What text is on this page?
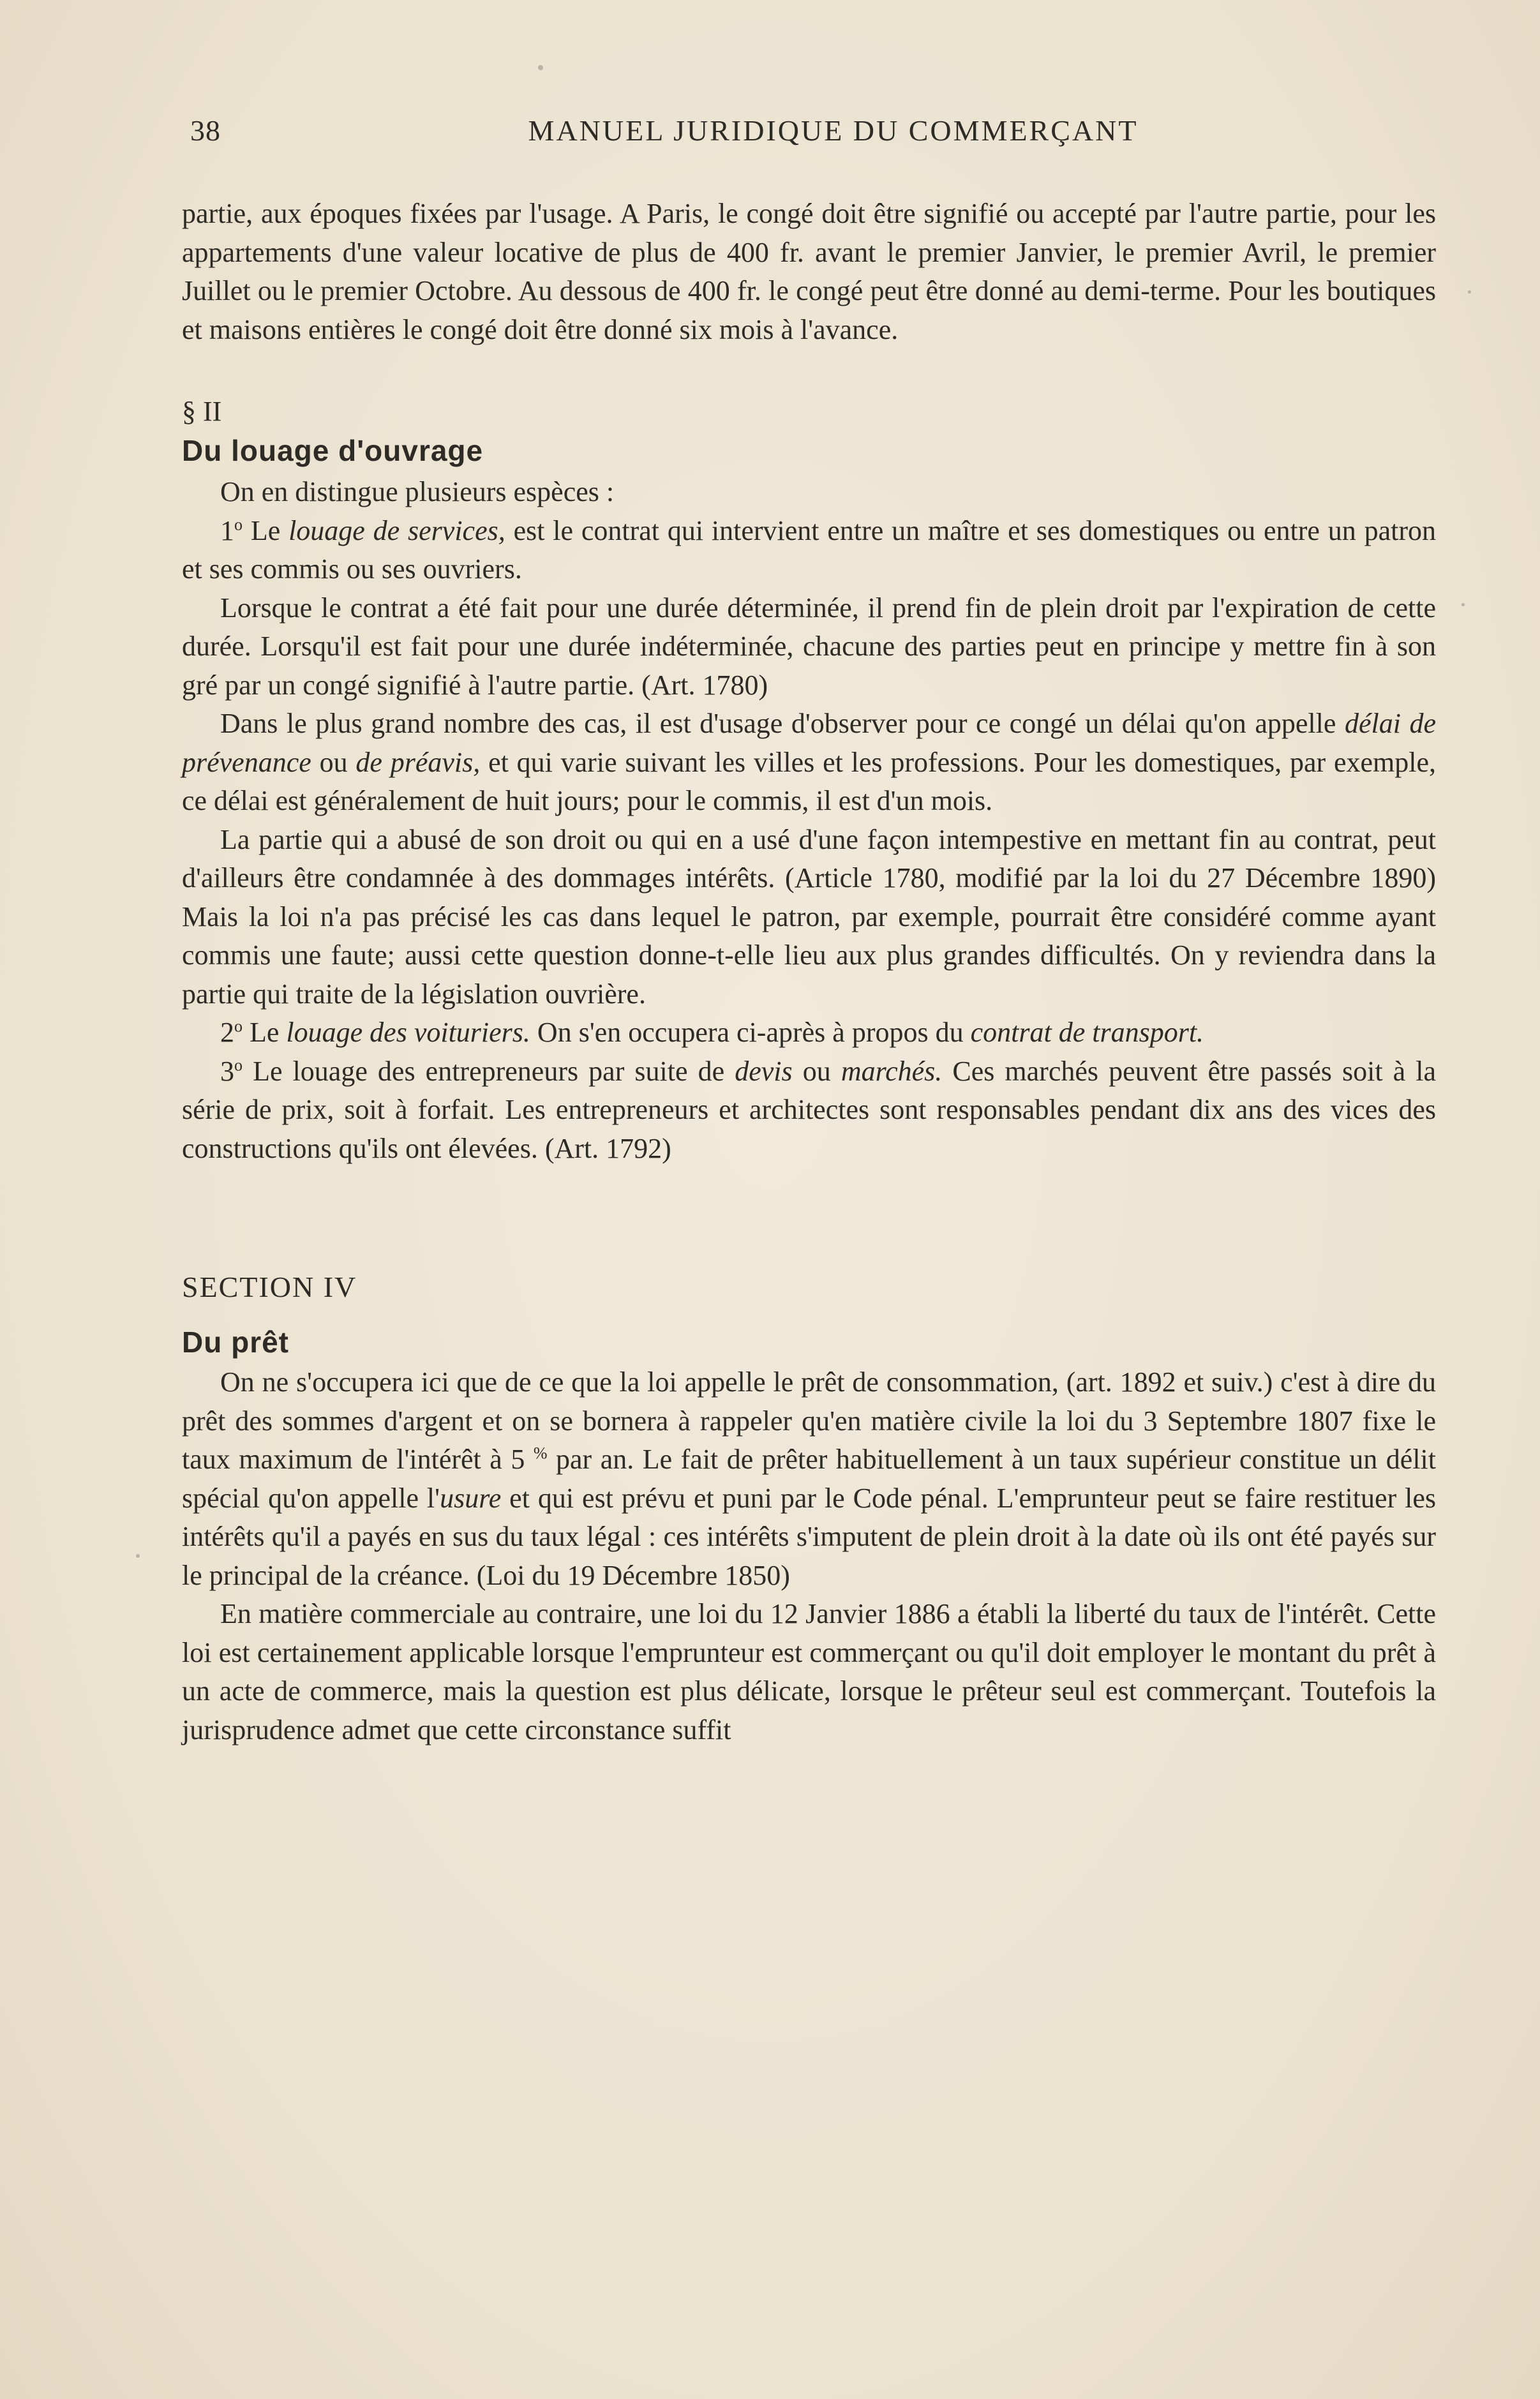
38	MANUEL JURIDIQUE DU COMMERÇANT

partie, aux époques fixées par l'usage. A Paris, le congé doit être signifié ou accepté par l'autre partie, pour les appartements d'une valeur locative de plus de 400 fr. avant le premier Janvier, le premier Avril, le premier Juillet ou le premier Octobre. Au dessous de 400 fr. le congé peut être donné au demi-terme. Pour les boutiques et maisons entières le congé doit être donné six mois à l'avance.

§ II
Du louage d'ouvrage

On en distingue plusieurs espèces :

1$^o$ Le louage de services, est le contrat qui intervient entre un maître et ses domestiques ou entre un patron et ses commis ou ses ouvriers.

Lorsque le contrat a été fait pour une durée déterminée, il prend fin de plein droit par l'expiration de cette durée. Lorsqu'il est fait pour une durée indéterminée, chacune des parties peut en principe y mettre fin à son gré par un congé signifié à l'autre partie. (Art. 1780)

Dans le plus grand nombre des cas, il est d'usage d'observer pour ce congé un délai qu'on appelle délai de prévenance ou de préavis, et qui varie suivant les villes et les professions. Pour les domestiques, par exemple, ce délai est généralement de huit jours; pour le commis, il est d'un mois.

La partie qui a abusé de son droit ou qui en a usé d'une façon intempestive en mettant fin au contrat, peut d'ailleurs être condamnée à des dommages intérêts. (Article 1780, modifié par la loi du 27 Décembre 1890) Mais la loi n'a pas précisé les cas dans lequel le patron, par exemple, pourrait être considéré comme ayant commis une faute; aussi cette question donne-t-elle lieu aux plus grandes difficultés. On y reviendra dans la partie qui traite de la législation ouvrière.

2$^o$ Le louage des voituriers. On s'en occupera ci-après à propos du contrat de transport.

3$^o$ Le louage des entrepreneurs par suite de devis ou marchés. Ces marchés peuvent être passés soit à la série de prix, soit à forfait. Les entrepreneurs et architectes sont responsables pendant dix ans des vices des constructions qu'ils ont élevées. (Art. 1792)

SECTION IV
Du prêt

On ne s'occupera ici que de ce que la loi appelle le prêt de consommation, (art. 1892 et suiv.) c'est à dire du prêt des sommes d'argent et on se bornera à rappeler qu'en matière civile la loi du 3 Septembre 1807 fixe le taux maximum de l'intérêt à 5 % par an. Le fait de prêter habituellement à un taux supérieur constitue un délit spécial qu'on appelle l'usure et qui est prévu et puni par le Code pénal. L'emprunteur peut se faire restituer les intérêts qu'il a payés en sus du taux légal : ces intérêts s'imputent de plein droit à la date où ils ont été payés sur le principal de la créance. (Loi du 19 Décembre 1850)

En matière commerciale au contraire, une loi du 12 Janvier 1886 a établi la liberté du taux de l'intérêt. Cette loi est certainement applicable lorsque l'emprunteur est commerçant ou qu'il doit employer le montant du prêt à un acte de commerce, mais la question est plus délicate, lorsque le prêteur seul est commerçant. Toutefois la jurisprudence admet que cette circonstance suffit
